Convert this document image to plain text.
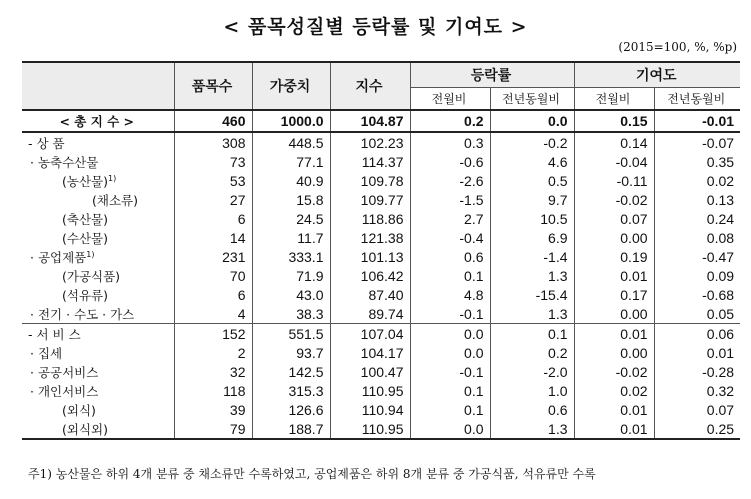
< 품목성질별 등락률 및 기여도 >
(2015=100, %, %p)
	품목수	가중치	지수	등락률		기여도	
				전월비	전년동월비	전월비	전년동월비
< 총 지 수 >	460	1000.0	104.87	0.2	0.0	0.15	-0.01
- 상 품	308	448.5	102.23	0.3	-0.2	0.14	-0.07
· 농축수산물	73	77.1	114.37	-0.6	4.6	-0.04	0.35
(농산물)$^{1)}$	53	40.9	109.78	-2.6	0.5	-0.11	0.02
(채소류)	27	15.8	109.77	-1.5	9.7	-0.02	0.13
(축산물)	6	24.5	118.86	2.7	10.5	0.07	0.24
(수산물)	14	11.7	121.38	-0.4	6.9	0.00	0.08
· 공업제품$^{1)}$	231	333.1	101.13	0.6	-1.4	0.19	-0.47
(가공식품)	70	71.9	106.42	0.1	1.3	0.01	0.09
(석유류)	6	43.0	87.40	4.8	-15.4	0.17	-0.68
· 전기 · 수도 · 가스	4	38.3	89.74	-0.1	1.3	0.00	0.05
- 서 비 스	152	551.5	107.04	0.0	0.1	0.01	0.06
· 집세	2	93.7	104.17	0.0	0.2	0.00	0.01
· 공공서비스	32	142.5	100.47	-0.1	-2.0	-0.02	-0.28
· 개인서비스	118	315.3	110.95	0.1	1.0	0.02	0.32
(외식)	39	126.6	110.94	0.1	0.6	0.01	0.07
(외식외)	79	188.7	110.95	0.0	1.3	0.01	0.25
주1) 농산물은 하위 4개 분류 중 채소류만 수록하였고, 공업제품은 하위 8개 분류 중 가공식품, 석유류만 수록
